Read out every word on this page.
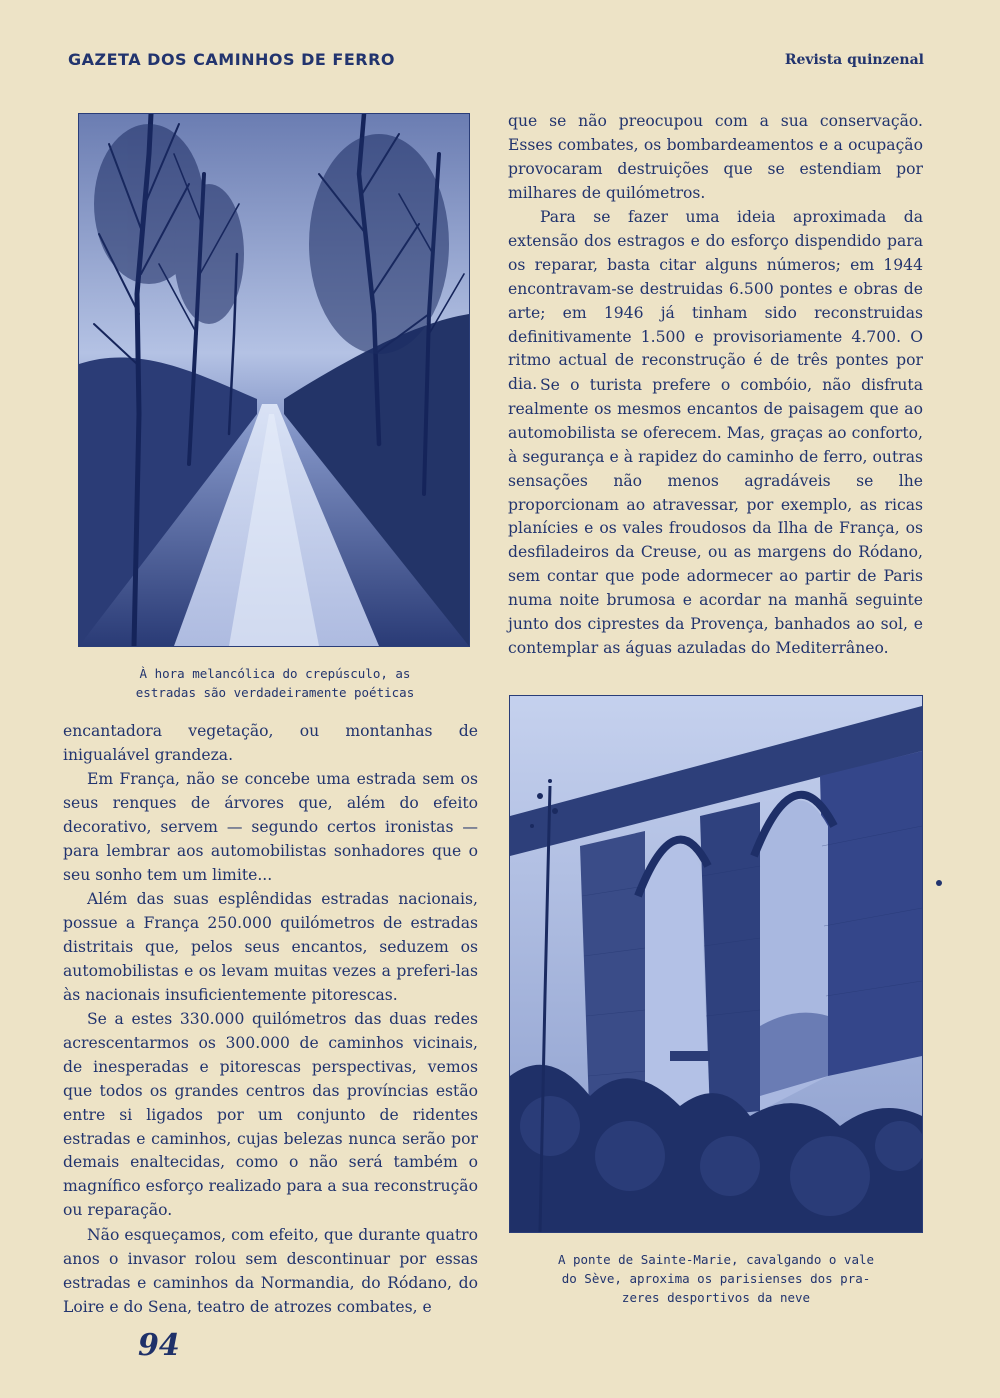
GAZETA DOS CAMINHOS DE FERRO	Revista quinzenal
À hora melancólica do crepúsculo, as
estradas são verdadeiramente poéticas
que se não preocupou com a sua conservação. Esses combates, os bombardeamentos e a ocupação provocaram destruições que se estendiam por milhares de quilómetros.
Para se fazer uma ideia aproximada da extensão dos estragos e do esforço dispendido para os reparar, basta citar alguns números; em 1944 encontravam-se destruidas 6.500 pontes e obras de arte; em 1946 já tinham sido reconstruidas definitivamente 1.500 e provisoriamente 4.700. O ritmo actual de reconstrução é de três pontes por dia. Se o turista prefere o combóio, não disfruta realmente os mesmos encantos de paisagem que ao automobilista se oferecem. Mas, graças ao conforto, à segurança e à rapidez do caminho de ferro, outras sensações não menos agradáveis se lhe proporcionam ao atravessar, por exemplo, as ricas planícies e os vales froudosos da Ilha de França, os desfiladeiros da Creuse, ou as margens do Ródano, sem contar que pode adormecer ao partir de Paris numa noite brumosa e acordar na manhã seguinte junto dos ciprestes da Provença, banhados ao sol, e contemplar as águas azuladas do Mediterrâneo.
A ponte de Sainte-Marie, cavalgando o vale
do Sève, aproxima os parisienses dos pra-
zeres desportivos da neve
encantadora vegetação, ou montanhas de inigualável grandeza.
Em França, não se concebe uma estrada sem os seus renques de árvores que, além do efeito decorativo, servem — segundo certos ironistas — para lembrar aos automobilistas sonhadores que o seu sonho tem um limite...
Além das suas esplêndidas estradas nacionais, possue a França 250.000 quilómetros de estradas distritais que, pelos seus encantos, seduzem os automobilistas e os levam muitas vezes a preferi-las às nacionais insuficientemente pitorescas.
Se a estes 330.000 quilómetros das duas redes acrescentarmos os 300.000 de caminhos vicinais, de inesperadas e pitorescas perspectivas, vemos que todos os grandes centros das províncias estão entre si ligados por um conjunto de ridentes estradas e caminhos, cujas belezas nunca serão por demais enaltecidas, como o não será também o magnífico esforço realizado para a sua reconstrução ou reparação.
Não esqueçamos, com efeito, que durante quatro anos o invasor rolou sem descontinuar por essas estradas e caminhos da Normandia, do Ródano, do Loire e do Sena, teatro de atrozes combates, e
94
